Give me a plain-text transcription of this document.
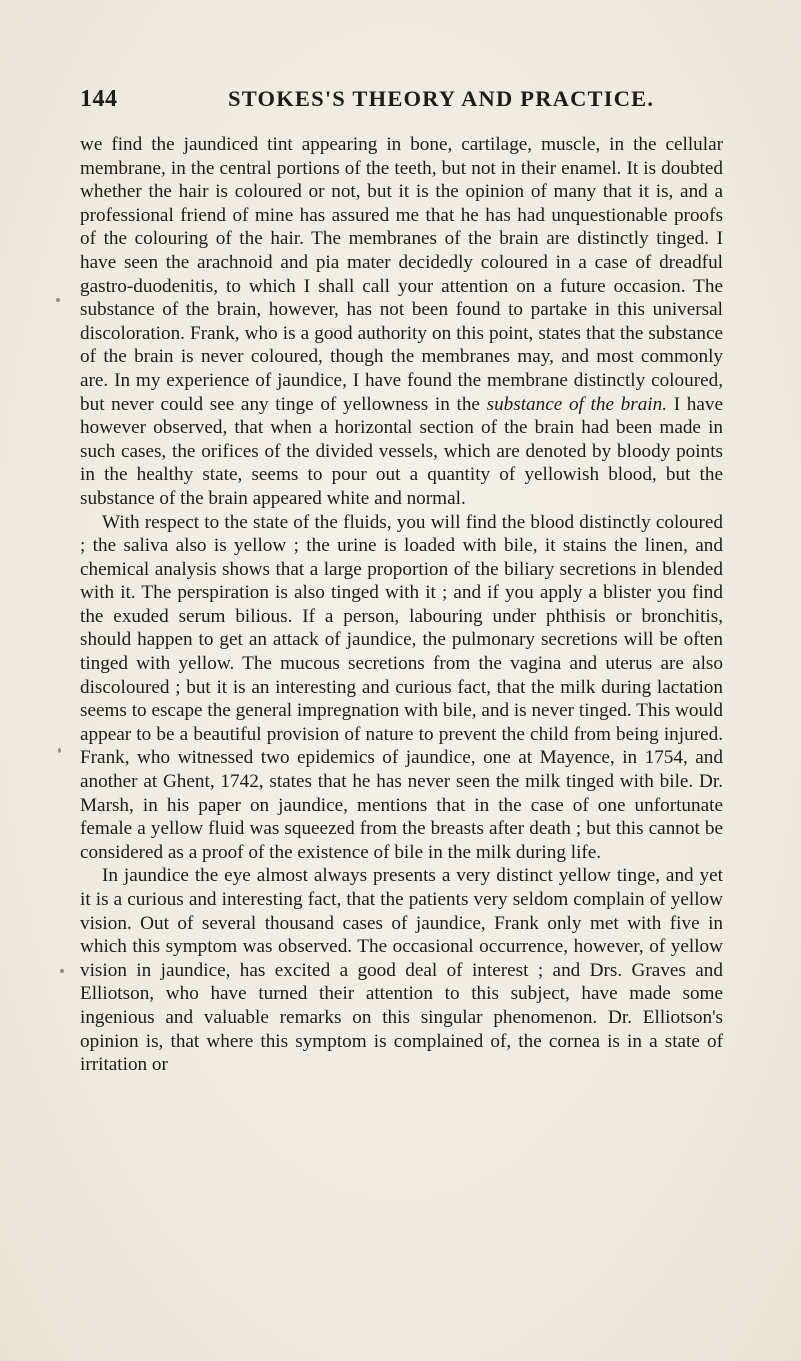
144	STOKES'S THEORY AND PRACTICE.

we find the jaundiced tint appearing in bone, cartilage, muscle, in the cellular membrane, in the central portions of the teeth, but not in their enamel. It is doubted whether the hair is coloured or not, but it is the opinion of many that it is, and a professional friend of mine has assured me that he has had unquestionable proofs of the colouring of the hair. The membranes of the brain are distinctly tinged. I have seen the arachnoid and pia mater decidedly coloured in a case of dreadful gastro-duodenitis, to which I shall call your attention on a future occasion. The substance of the brain, however, has not been found to partake in this universal discoloration. Frank, who is a good authority on this point, states that the substance of the brain is never coloured, though the membranes may, and most commonly are. In my experience of jaundice, I have found the membrane distinctly coloured, but never could see any tinge of yellowness in the substance of the brain. I have however observed, that when a horizontal section of the brain had been made in such cases, the orifices of the divided vessels, which are denoted by bloody points in the healthy state, seems to pour out a quantity of yellowish blood, but the substance of the brain appeared white and normal.

With respect to the state of the fluids, you will find the blood distinctly coloured ; the saliva also is yellow ; the urine is loaded with bile, it stains the linen, and chemical analysis shows that a large proportion of the biliary secretions in blended with it. The perspiration is also tinged with it ; and if you apply a blister you find the exuded serum bilious. If a person, labouring under phthisis or bronchitis, should happen to get an attack of jaundice, the pulmonary secretions will be often tinged with yellow. The mucous secretions from the vagina and uterus are also discoloured ; but it is an interesting and curious fact, that the milk during lactation seems to escape the general impregnation with bile, and is never tinged. This would appear to be a beautiful provision of nature to prevent the child from being injured. Frank, who witnessed two epidemics of jaundice, one at Mayence, in 1754, and another at Ghent, 1742, states that he has never seen the milk tinged with bile. Dr. Marsh, in his paper on jaundice, mentions that in the case of one unfortunate female a yellow fluid was squeezed from the breasts after death ; but this cannot be considered as a proof of the existence of bile in the milk during life.

In jaundice the eye almost always presents a very distinct yellow tinge, and yet it is a curious and interesting fact, that the patients very seldom complain of yellow vision. Out of several thousand cases of jaundice, Frank only met with five in which this symptom was observed. The occasional occurrence, however, of yellow vision in jaundice, has excited a good deal of interest ; and Drs. Graves and Elliotson, who have turned their attention to this subject, have made some ingenious and valuable remarks on this singular phenomenon. Dr. Elliotson's opinion is, that where this symptom is complained of, the cornea is in a state of irritation or
